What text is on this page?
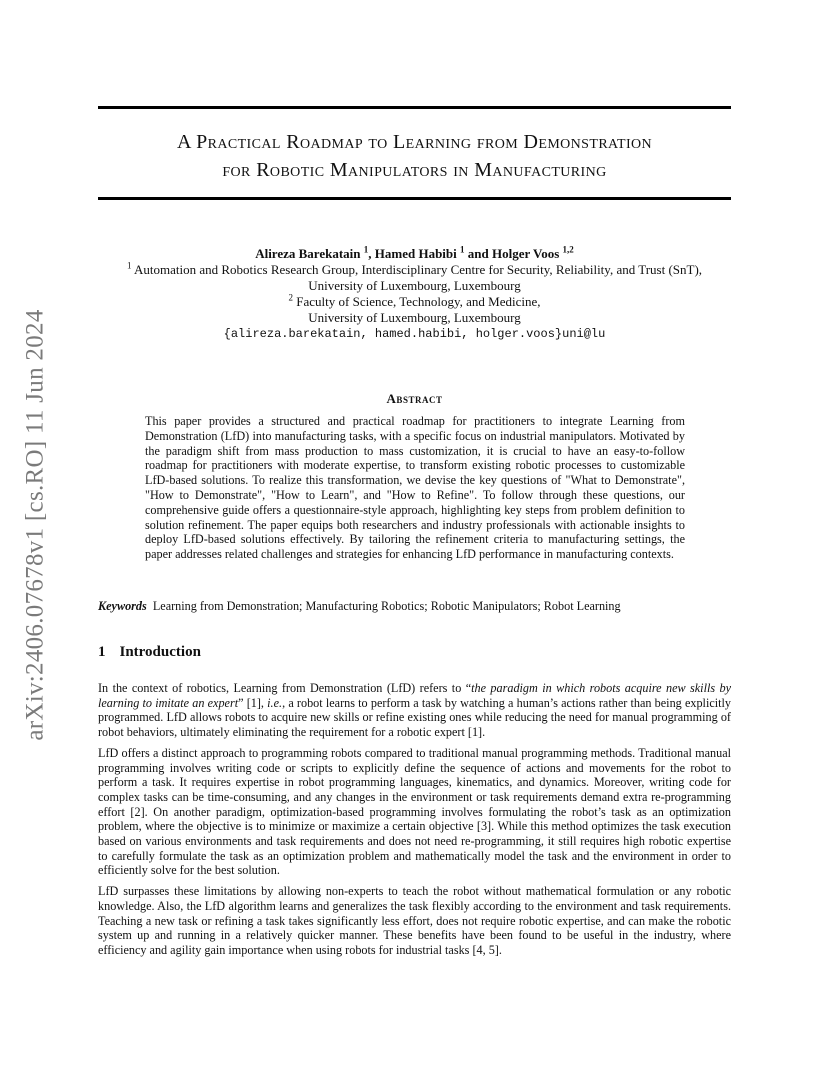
arXiv:2406.07678v1 [cs.RO] 11 Jun 2024
A Practical Roadmap to Learning from Demonstration
for Robotic Manipulators in Manufacturing
Alireza Barekatain $^1$, Hamed Habibi $^1$ and Holger Voos $^{1,2}$
$^1$ Automation and Robotics Research Group, Interdisciplinary Centre for Security, Reliability, and Trust (SnT),
University of Luxembourg, Luxembourg
$^2$ Faculty of Science, Technology, and Medicine,
University of Luxembourg, Luxembourg
{alireza.barekatain, hamed.habibi, holger.voos}uni@lu
Abstract

This paper provides a structured and practical roadmap for practitioners to integrate Learning from Demonstration (LfD) into manufacturing tasks, with a specific focus on industrial manipulators. Motivated by the paradigm shift from mass production to mass customization, it is crucial to have an easy-to-follow roadmap for practitioners with moderate expertise, to transform existing robotic processes to customizable LfD-based solutions. To realize this transformation, we devise the key questions of "What to Demonstrate", "How to Demonstrate", "How to Learn", and "How to Refine". To follow through these questions, our comprehensive guide offers a questionnaire-style approach, highlighting key steps from problem definition to solution refinement. The paper equips both researchers and industry professionals with actionable insights to deploy LfD-based solutions effectively. By tailoring the refinement criteria to manufacturing settings, the paper addresses related challenges and strategies for enhancing LfD performance in manufacturing contexts.

Keywords Learning from Demonstration; Manufacturing Robotics; Robotic Manipulators; Robot Learning

1 Introduction

In the context of robotics, Learning from Demonstration (LfD) refers to “the paradigm in which robots acquire new skills by learning to imitate an expert” [1], i.e., a robot learns to perform a task by watching a human’s actions rather than being explicitly programmed. LfD allows robots to acquire new skills or refine existing ones while reducing the need for manual programming of robot behaviors, ultimately eliminating the requirement for a robotic expert [1].

LfD offers a distinct approach to programming robots compared to traditional manual programming methods. Traditional manual programming involves writing code or scripts to explicitly define the sequence of actions and movements for the robot to perform a task. It requires expertise in robot programming languages, kinematics, and dynamics. Moreover, writing code for complex tasks can be time-consuming, and any changes in the environment or task requirements demand extra re-programming effort [2]. On another paradigm, optimization-based programming involves formulating the robot’s task as an optimization problem, where the objective is to minimize or maximize a certain objective [3]. While this method optimizes the task execution based on various environments and task requirements and does not need re-programming, it still requires high robotic expertise to carefully formulate the task as an optimization problem and mathematically model the task and the environment in order to efficiently solve for the best solution.

LfD surpasses these limitations by allowing non-experts to teach the robot without mathematical formulation or any robotic knowledge. Also, the LfD algorithm learns and generalizes the task flexibly according to the environment and task requirements. Teaching a new task or refining a task takes significantly less effort, does not require robotic expertise, and can make the robotic system up and running in a relatively quicker manner. These benefits have been found to be useful in the industry, where efficiency and agility gain importance when using robots for industrial tasks [4, 5].
